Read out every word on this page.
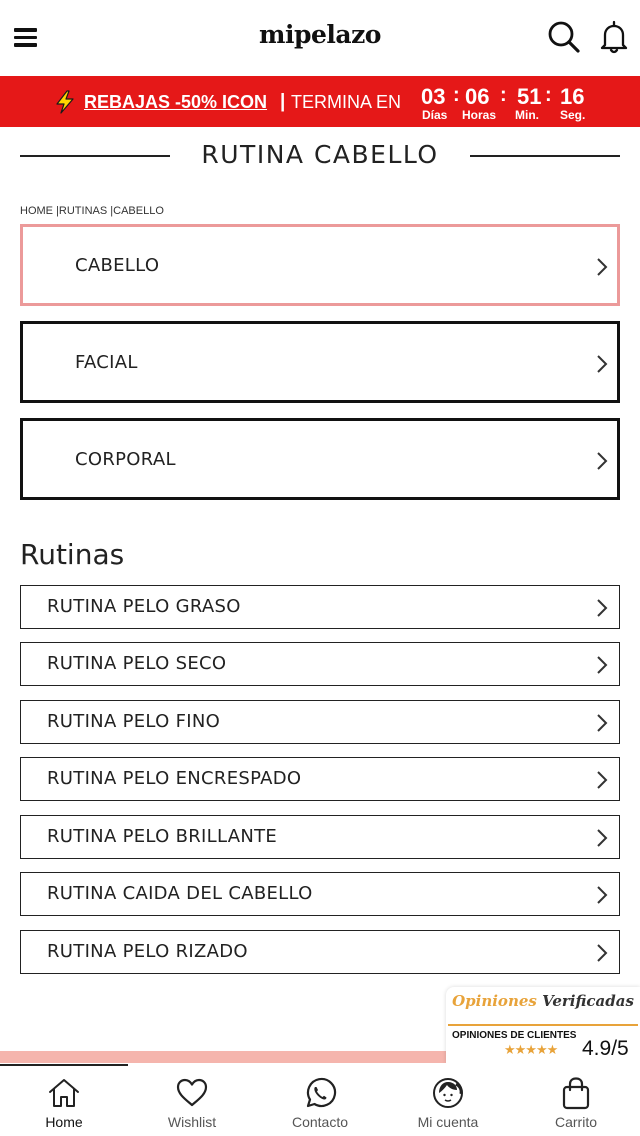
mipelazo
REBAJAS -50% ICON | TERMINA EN 03 : 06 : 51 : 16
Días Horas Min. Seg.
RUTINA CABELLO
HOME |RUTINAS |CABELLO
CABELLO
FACIAL
CORPORAL
Rutinas
RUTINA PELO GRASO
RUTINA PELO SECO
RUTINA PELO FINO
RUTINA PELO ENCRESPADO
RUTINA PELO BRILLANTE
RUTINA CAIDA DEL CABELLO
RUTINA PELO RIZADO
Opiniones Verificadas
OPINIONES DE CLIENTES
★★★★★ 4.9/5
Home	Wishlist	Contacto	Mi cuenta	Carrito
